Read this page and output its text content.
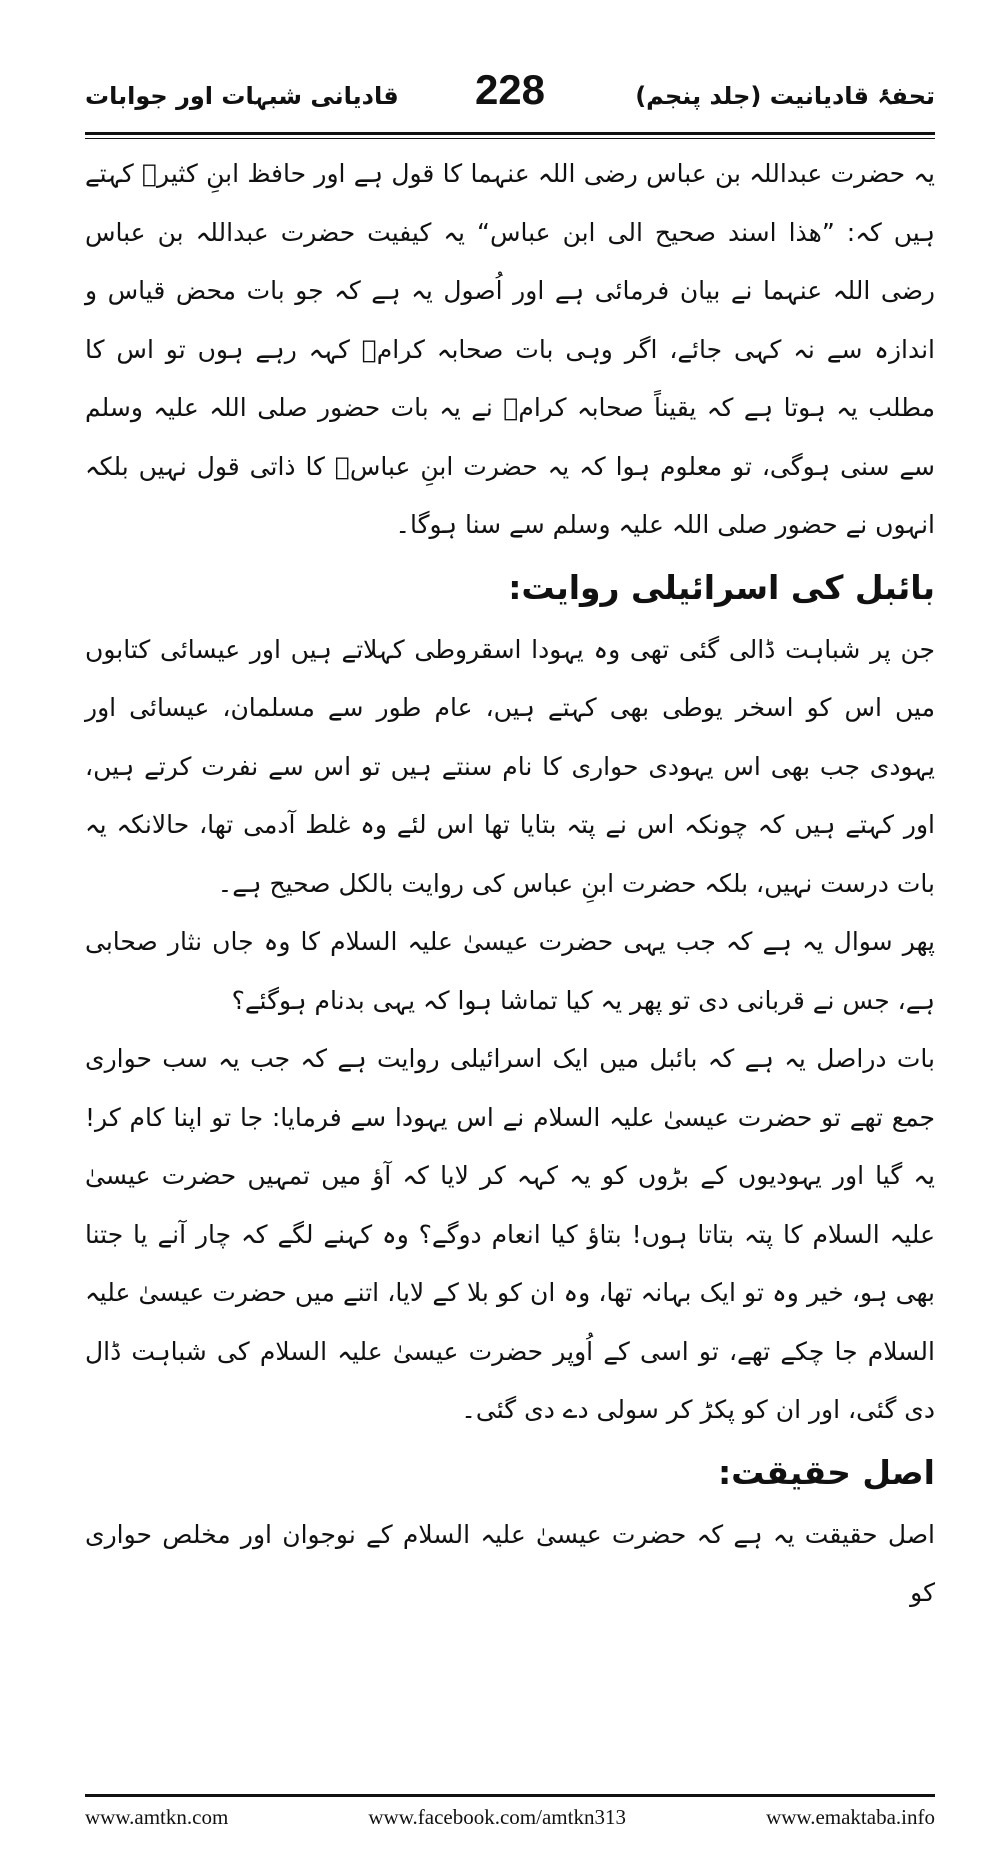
تحفۂ قادیانیت (جلد پنجم)
228
قادیانی شبہات اور جوابات

یہ حضرت عبداللہ بن عباس رضی اللہ عنہما کا قول ہے اور حافظ ابنِ کثیرؒ کہتے ہیں کہ: ”ھذا اسند صحیح الی ابن عباس“ یہ کیفیت حضرت عبداللہ بن عباس رضی اللہ عنہما نے بیان فرمائی ہے اور اُصول یہ ہے کہ جو بات محض قیاس و اندازہ سے نہ کہی جائے، اگر وہی بات صحابہ کرامؓ کہہ رہے ہوں تو اس کا مطلب یہ ہوتا ہے کہ یقیناً صحابہ کرامؓ نے یہ بات حضور صلی اللہ علیہ وسلم سے سنی ہوگی، تو معلوم ہوا کہ یہ حضرت ابنِ عباسؓ کا ذاتی قول نہیں بلکہ انہوں نے حضور صلی اللہ علیہ وسلم سے سنا ہوگا۔

بائبل کی اسرائیلی روایت:

جن پر شباہت ڈالی گئی تھی وہ یہودا اسقروطی کہلاتے ہیں اور عیسائی کتابوں میں اس کو اسخر یوطی بھی کہتے ہیں، عام طور سے مسلمان، عیسائی اور یہودی جب بھی اس یہودی حواری کا نام سنتے ہیں تو اس سے نفرت کرتے ہیں، اور کہتے ہیں کہ چونکہ اس نے پتہ بتایا تھا اس لئے وہ غلط آدمی تھا، حالانکہ یہ بات درست نہیں، بلکہ حضرت ابنِ عباس کی روایت بالکل صحیح ہے۔

پھر سوال یہ ہے کہ جب یہی حضرت عیسیٰ علیہ السلام کا وہ جاں نثار صحابی ہے، جس نے قربانی دی تو پھر یہ کیا تماشا ہوا کہ یہی بدنام ہوگئے؟

بات دراصل یہ ہے کہ بائبل میں ایک اسرائیلی روایت ہے کہ جب یہ سب حواری جمع تھے تو حضرت عیسیٰ علیہ السلام نے اس یہودا سے فرمایا: جا تو اپنا کام کر! یہ گیا اور یہودیوں کے بڑوں کو یہ کہہ کر لایا کہ آؤ میں تمہیں حضرت عیسیٰ علیہ السلام کا پتہ بتاتا ہوں! بتاؤ کیا انعام دوگے؟ وہ کہنے لگے کہ چار آنے یا جتنا بھی ہو، خیر وہ تو ایک بہانہ تھا، وہ ان کو بلا کے لایا، اتنے میں حضرت عیسیٰ علیہ السلام جا چکے تھے، تو اسی کے اُوپر حضرت عیسیٰ علیہ السلام کی شباہت ڈال دی گئی، اور ان کو پکڑ کر سولی دے دی گئی۔

اصل حقیقت:

اصل حقیقت یہ ہے کہ حضرت عیسیٰ علیہ السلام کے نوجوان اور مخلص حواری کو

www.amtkn.com	www.facebook.com/amtkn313	www.emaktaba.info
